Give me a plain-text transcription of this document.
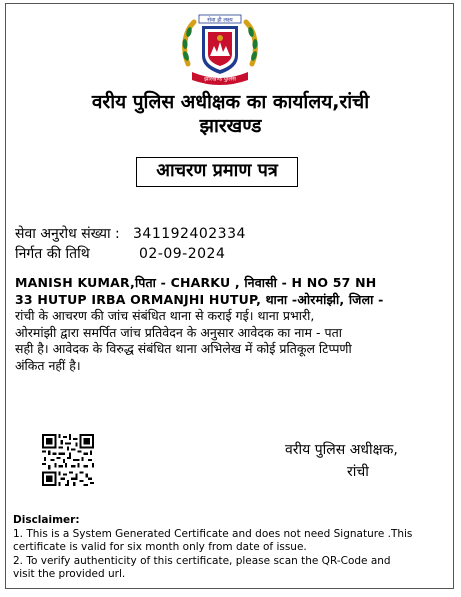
सेवा ही लक्ष्य
झारखण्ड पुलिस
वरीय पुलिस अधीक्षक का कार्यालय,रांची
झारखण्ड
आचरण प्रमाण पत्र
सेवा अनुरोध संख्या : 341192402334
निर्गत की तिथि	02-09-2024
MANISH KUMAR,पिता - CHARKU , निवासी - H NO 57 NH
33 HUTUP IRBA ORMANJHI HUTUP, थाना -ओरमांझी, जिला -
रांची के आचरण की जांच संबंधित थाना से कराई गई। थाना प्रभारी,
ओरमांझी द्वारा समर्पित जांच प्रतिवेदन के अनुसार आवेदक का नाम - पता
सही है। आवेदक के विरुद्ध संबंधित थाना अभिलेख में कोई प्रतिकूल टिप्पणी
अंकित नहीं है।
वरीय पुलिस अधीक्षक,
रांची
Disclaimer:
1. This is a System Generated Certificate and does not need Signature .This
certificate is valid for six month only from date of issue.
2. To verify authenticity of this certificate, please scan the QR-Code and
visit the provided url.
